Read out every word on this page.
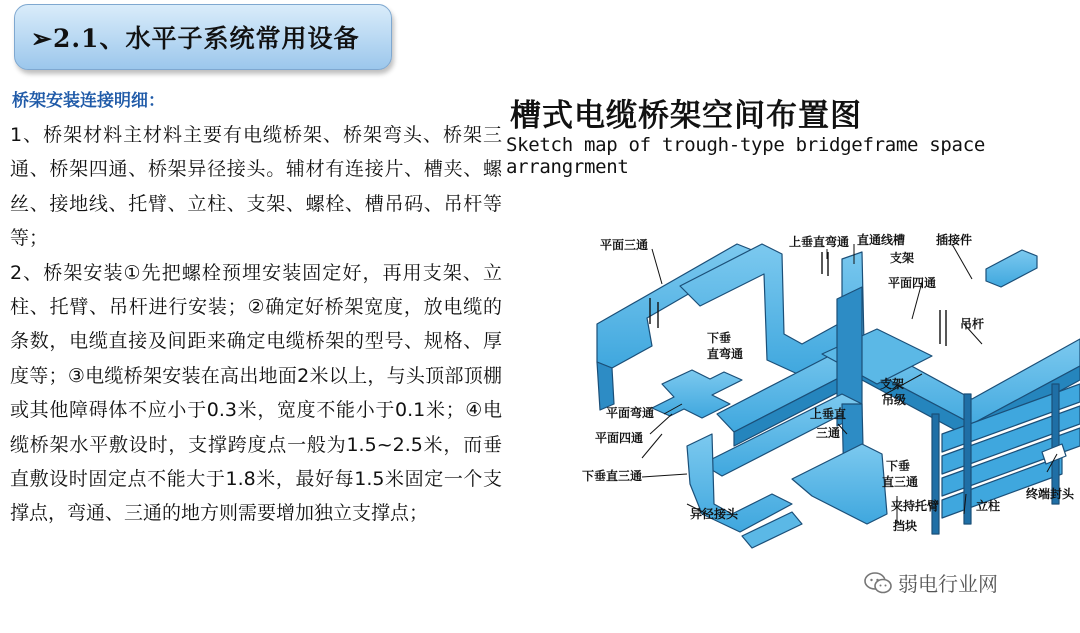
➢2.1、水平子系统常用设备
桥架安装连接明细：

1、桥架材料主材料主要有电缆桥架、桥架弯头、桥架三通、桥架四通、桥架异径接头。辅材有连接片、槽夹、螺丝、接地线、托臂、立柱、支架、螺栓、槽吊码、吊杆等等；

2、桥架安装①先把螺栓预埋安装固定好，再用支架、立柱、托臂、吊杆进行安装；②确定好桥架宽度，放电缆的条数，电缆直接及间距来确定电缆桥架的型号、规格、厚度等；③电缆桥架安装在高出地面2米以上，与头顶部顶棚或其他障碍体不应小于0.3米，宽度不能小于0.1米；④电缆桥架水平敷设时，支撑跨度点一般为1.5~2.5米，而垂直敷设时固定点不能大于1.8米，最好每1.5米固定一个支撑点，弯通、三通的地方则需要增加独立支撑点；

平面三通	上垂直弯通 直通线槽	插接件
支架
平面四通
下垂
直弯通
吊杆
支架
吊级
平面弯通
平面四通
上垂直
三通
下垂直三通
下垂
直三通
夹持托臂
挡块
异径接头
立柱
终端封头
槽式电缆桥架空间布置图
Sketch map of trough-type bridgeframe space arrangrment
弱电行业网
